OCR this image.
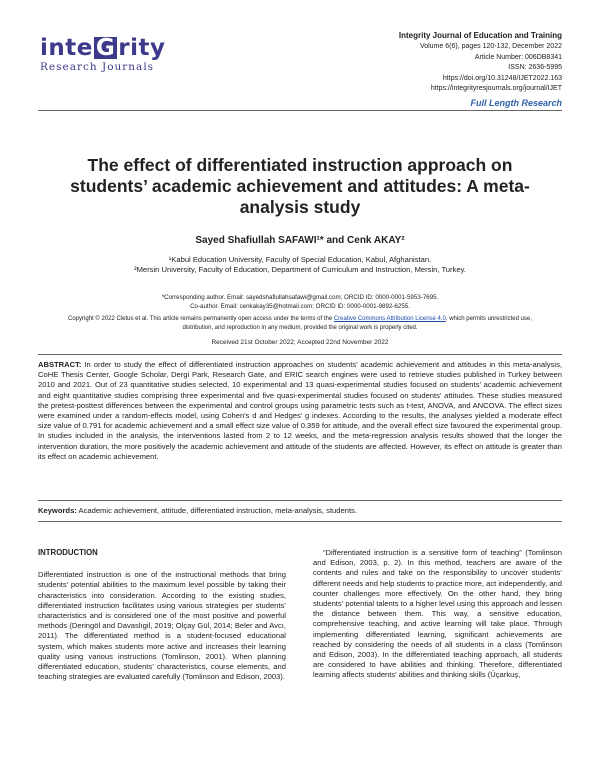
inte G rity
Research Journals
Integrity Journal of Education and Training
Volume 6(6), pages 120-132, December 2022
Article Number: 006DB8341
ISSN: 2636-5995
https://doi.org/10.31248/IJET2022.163
https://integrityresjournals.org/journal/IJET
Full Length Research
The effect of differentiated instruction approach on students’ academic achievement and attitudes: A meta-analysis study
Sayed Shafiullah SAFAWI¹* and Cenk AKAY²
¹Kabul Education University, Faculty of Special Education, Kabul, Afghanistan.
²Mersin University, Faculty of Education, Department of Curriculum and Instruction, Mersin, Turkey.
*Corresponding author. Email: sayedshafiullahsafawi@gmail.com; ORCID ID: 0000-0001-5953-7695.
Co-author. Email: cenkakay35@hotmail.com; ORCID ID: 0000-0001-9892-6255.
Copyright © 2022 Cletus et al. This article remains permanently open access under the terms of the Creative Commons Attribution License 4.0, which permits unrestricted use, distribution, and reproduction in any medium, provided the original work is properly cited.
Received 21st October 2022; Accepted 22nd November 2022
ABSTRACT: In order to study the effect of differentiated instruction approaches on students’ academic achievement and attitudes in this meta-analysis, CoHE Thesis Center, Google Scholar, Dergi Park, Research Gate, and ERIC search engines were used to retrieve studies published in Turkey between 2010 and 2021. Out of 23 quantitative studies selected, 10 experimental and 13 quasi-experimental studies focused on students’ academic achievement and eight quantitative studies comprising three experimental and five quasi-experimental studies focused on students’ attitudes. These studies measured the pretest-posttest differences between the experimental and control groups using parametric tests such as t-test, ANOVA, and ANCOVA. The effect sizes were examined under a random-effects model, using Cohen's d and Hedges' g indexes. According to the results, the analyses yielded a moderate effect size value of 0.791 for academic achievement and a small effect size value of 0.359 for attitude, and the overall effect size favoured the experimental group. In studies included in the analysis, the interventions lasted from 2 to 12 weeks, and the meta-regression analysis results showed that the longer the intervention duration, the more positively the academic achievement and attitude of the students are affected. However, its effect on attitude is greater than its effect on academic achievement.
Keywords: Academic achievement, attitude, differentiated instruction, meta-analysis, students.
INTRODUCTION
Differentiated instruction is one of the instructional methods that bring students’ potential abilities to the maximum level possible by taking their characteristics into consideration. According to the existing studies, differentiated instruction facilitates using various strategies per students’ characteristics and is considered one of the most positive and powerful methods (Deringöl and Davaslıgil, 2019; Olçay Gül, 2014; Beler and Avcı, 2011). The differentiated method is a student-focused educational system, which makes students more active and increases their learning quality using various instructions (Tomlinson, 2001). When planning differentiated education, students’ characteristics, course elements, and teaching strategies are evaluated carefully (Tomlinson and Edison, 2003).
“Differentiated instruction is a sensitive form of teaching” (Tomlinson and Edison, 2003, p. 2). In this method, teachers are aware of the contents and rules and take on the responsibility to uncover students’ different needs and help students to practice more, act independently, and counter challenges more effectively. On the other hand, they bring students’ potential talents to a higher level using this approach and lessen the distance between them. This way, a sensitive education, comprehensive teaching, and active learning will take place. Through implementing differentiated learning, significant achievements are reached by considering the needs of all students in a class (Tomlinson and Edison, 2003). In the differentiated teaching approach, all students are considered to have abilities and thinking. Therefore, differentiated learning affects students’ abilities and thinking skills (Üçarkuş,
